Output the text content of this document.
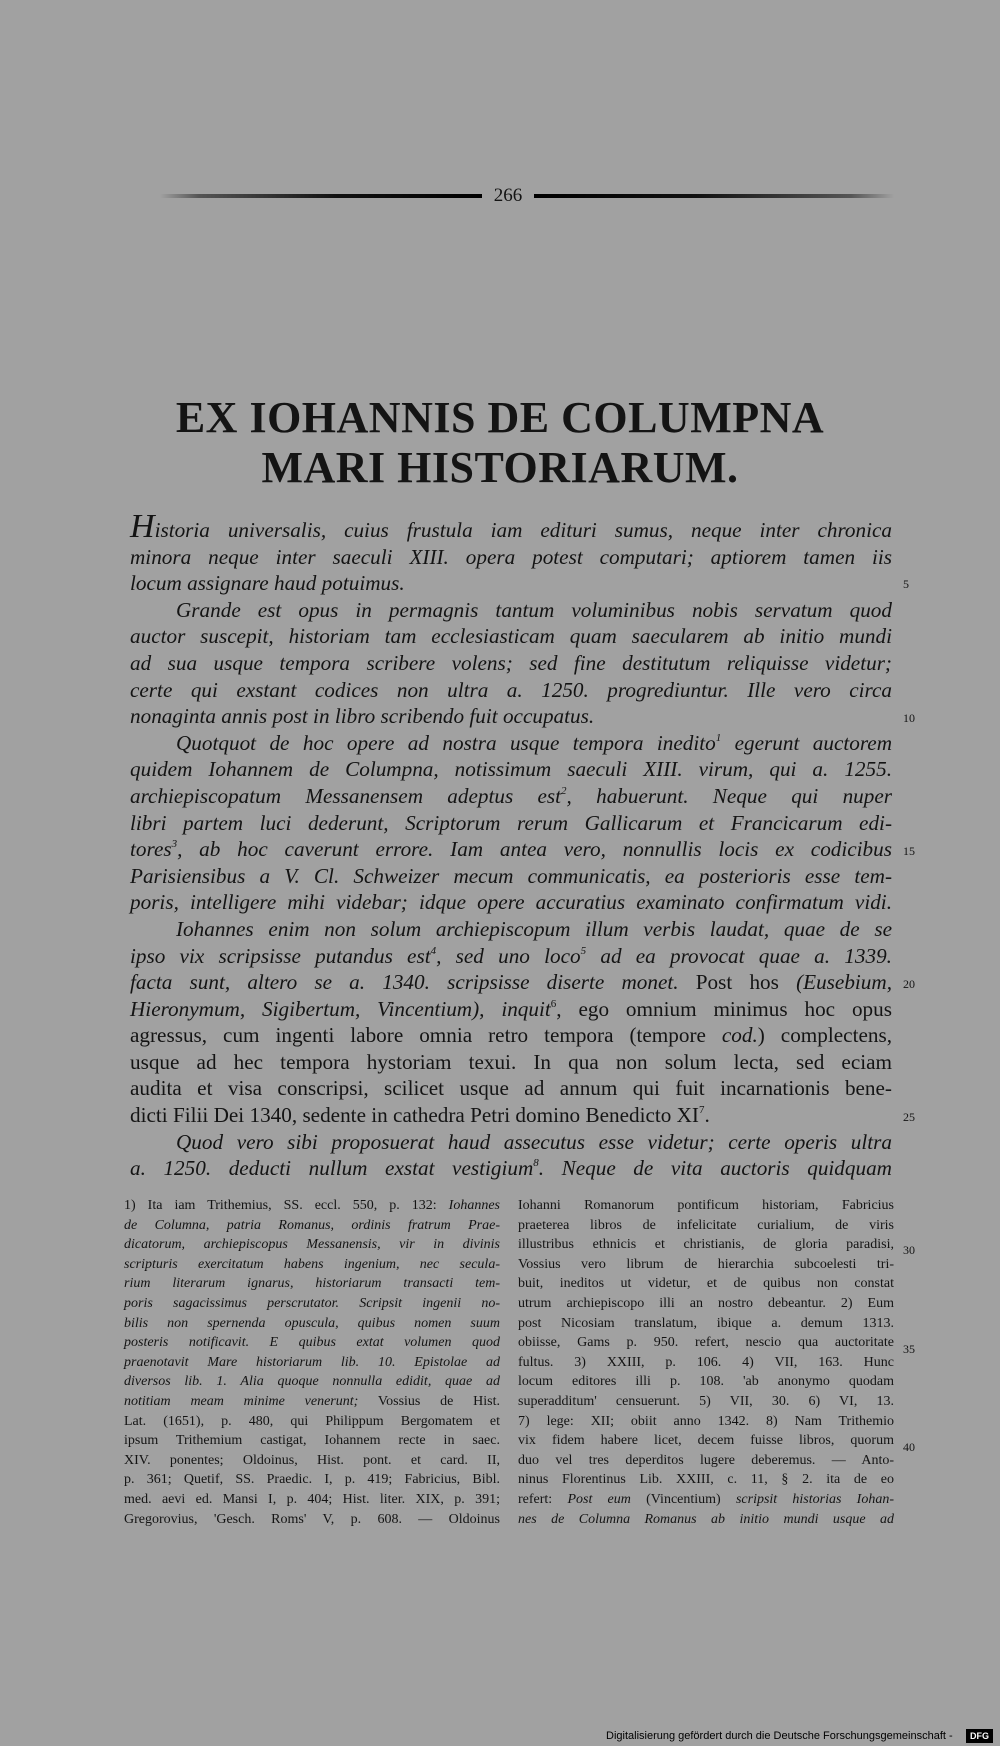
266
EX IOHANNIS DE COLUMPNA
MARI HISTORIARUM.
Historia universalis, cuius frustula iam edituri sumus, neque inter chronica
minora neque inter saeculi XIII. opera potest computari; aptiorem tamen iis
locum assignare haud potuimus.
Grande est opus in permagnis tantum voluminibus nobis servatum quod
auctor suscepit, historiam tam ecclesiasticam quam saecularem ab initio mundi
ad sua usque tempora scribere volens; sed fine destitutum reliquisse videtur;
certe qui exstant codices non ultra a. 1250. progrediuntur. Ille vero circa
nonaginta annis post in libro scribendo fuit occupatus.
Quotquot de hoc opere ad nostra usque tempora inedito$^1$ egerunt auctorem
quidem Iohannem de Columpna, notissimum saeculi XIII. virum, qui a. 1255.
archiepiscopatum Messanensem adeptus est$^2$, habuerunt. Neque qui nuper
libri partem luci dederunt, Scriptorum rerum Gallicarum et Francicarum edi-
tores$^3$, ab hoc caverunt errore. Iam antea vero, nonnullis locis ex codicibus
Parisiensibus a V. Cl. Schweizer mecum communicatis, ea posterioris esse tem-
poris, intelligere mihi videbar; idque opere accuratius examinato confirmatum vidi.
Iohannes enim non solum archiepiscopum illum verbis laudat, quae de se
ipso vix scripsisse putandus est$^4$, sed uno loco$^5$ ad ea provocat quae a. 1339.
facta sunt, altero se a. 1340. scripsisse diserte monet. Post hos (Eusebium,
Hieronymum, Sigibertum, Vincentium), inquit$^6$, ego omnium minimus hoc opus
agressus, cum ingenti labore omnia retro tempora (tempore cod.) complectens,
usque ad hec tempora hystoriam texui. In qua non solum lecta, sed eciam
audita et visa conscripsi, scilicet usque ad annum qui fuit incarnationis bene-
dicti Filii Dei 1340, sedente in cathedra Petri domino Benedicto $XI^7$.
Quod vero sibi proposuerat haud assecutus esse videtur; certe operis ultra
a. 1250. deducti nullum exstat vestigium$^8$. Neque de vita auctoris quidquam
5
10
15
20
25
30
35
40
1) Ita iam Trithemius, SS. eccl. 550, p. 132: Iohannes
de Columna, patria Romanus, ordinis fratrum Prae-
dicatorum, archiepiscopus Messanensis, vir in divinis
scripturis exercitatum habens ingenium, nec secula-
rium literarum ignarus, historiarum transacti tem-
poris sagacissimus perscrutator. Scripsit ingenii no-
bilis non spernenda opuscula, quibus nomen suum
posteris notificavit. E quibus extat volumen quod
praenotavit Mare historiarum lib. 10. Epistolae ad
diversos lib. 1. Alia quoque nonnulla edidit, quae ad
notitiam meam minime venerunt; Vossius de Hist.
Lat. (1651), p. 480, qui Philippum Bergomatem et
ipsum Trithemium castigat, Iohannem recte in saec.
XIV. ponentes; Oldoinus, Hist. pont. et card. II,
p. 361; Quetif, SS. Praedic. I, p. 419; Fabricius, Bibl.
med. aevi ed. Mansi I, p. 404; Hist. liter. XIX, p. 391;
Gregorovius, 'Gesch. Roms' V, p. 608. — Oldoinus
Iohanni Romanorum pontificum historiam, Fabricius
praeterea libros de infelicitate curialium, de viris
illustribus ethnicis et christianis, de gloria paradisi,
Vossius vero librum de hierarchia subcoelesti tri-
buit, ineditos ut videtur, et de quibus non constat
utrum archiepiscopo illi an nostro debeantur. 2) Eum
post Nicosiam translatum, ibique a. demum 1313.
obiisse, Gams p. 950. refert, nescio qua auctoritate
fultus. 3) XXIII, p. 106. 4) VII, 163. Hunc
locum editores illi p. 108. 'ab anonymo quodam
superadditum' censuerunt. 5) VII, 30. 6) VI, 13.
7) lege: XII; obiit anno 1342. 8) Nam Trithemio
vix fidem habere licet, decem fuisse libros, quorum
duo vel tres deperditos lugere deberemus. — Anto-
ninus Florentinus Lib. XXIII, c. 11, § 2. ita de eo
refert: Post eum (Vincentium) scripsit historias Iohan-
nes de Columna Romanus ab initio mundi usque ad
Digitalisierung gefördert durch die Deutsche Forschungsgemeinschaft -	DFG
